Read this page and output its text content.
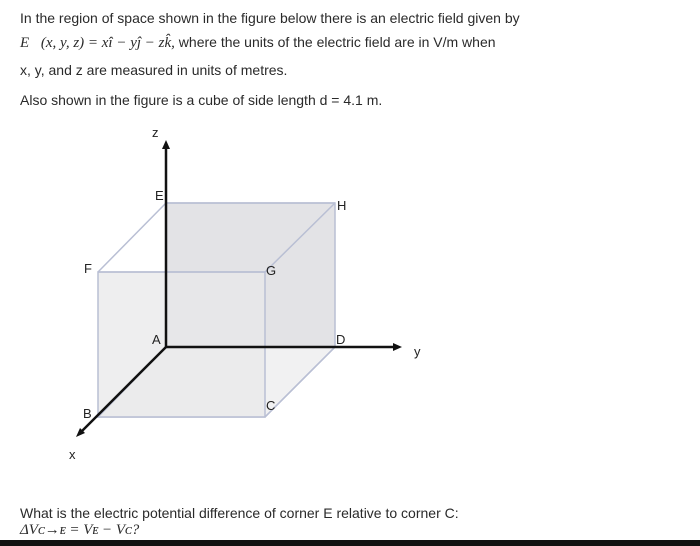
In the region of space shown in the figure below there is an electric field given by
E⃗(x, y, z) = xî − yĵ − zk̂, where the units of the electric field are in V/m when
x, y, and z are measured in units of metres.
Also shown in the figure is a cube of side length d = 4.1 m.
z
y
x
E
H
F	G
A	D
B
C
What is the electric potential difference of corner E relative to corner C:
ΔVᴄ→ᴇ = Vᴇ − Vᴄ?
